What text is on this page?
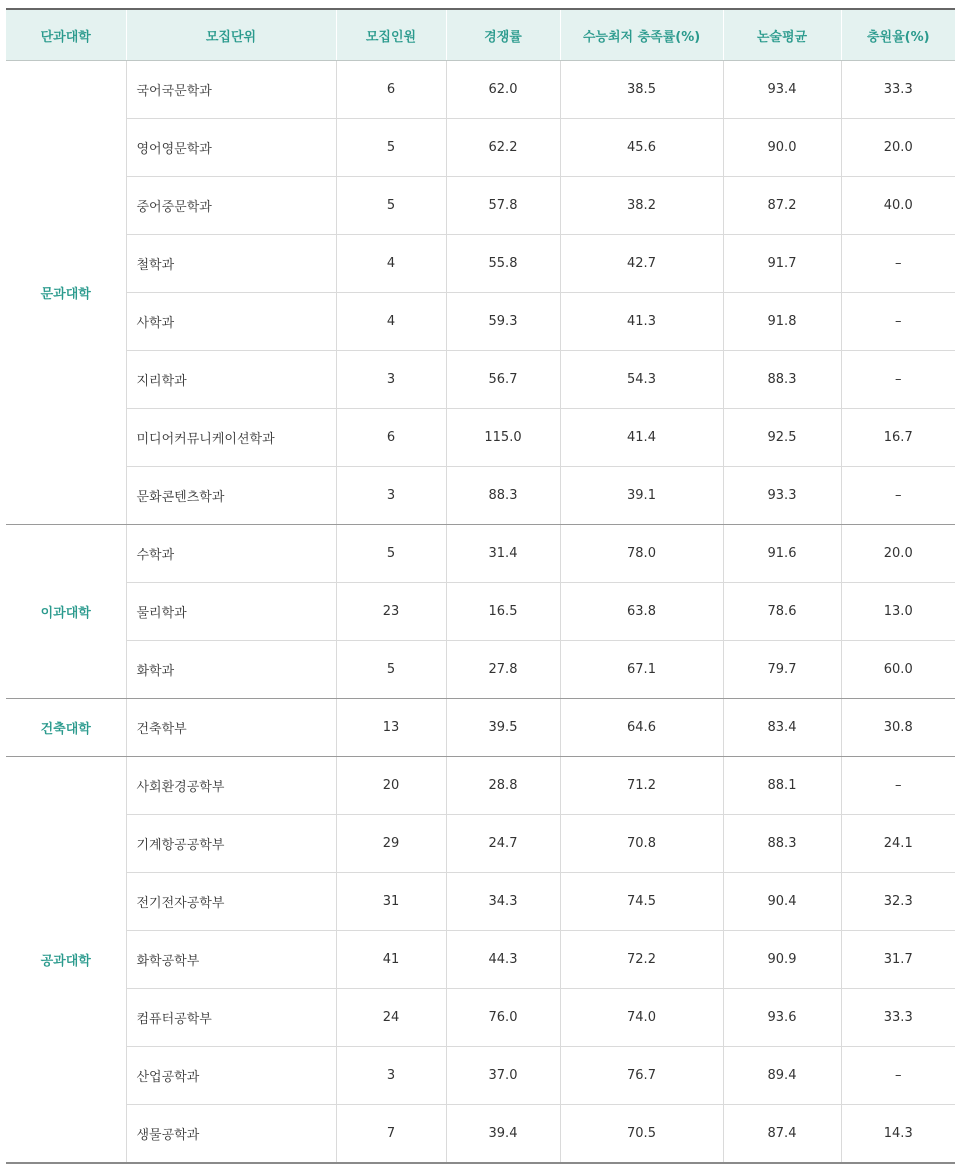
단과대학	모집단위	모집인원	경쟁률	수능최저 충족률(%)	논술평균	충원율(%)
문과대학	국어국문학과	6	62.0	38.5	93.4	33.3
	영어영문학과	5	62.2	45.6	90.0	20.0
	중어중문학과	5	57.8	38.2	87.2	40.0
	철학과	4	55.8	42.7	91.7	–
	사학과	4	59.3	41.3	91.8	–
	지리학과	3	56.7	54.3	88.3	–
	미디어커뮤니케이션학과	6	115.0	41.4	92.5	16.7
	문화콘텐츠학과	3	88.3	39.1	93.3	–
이과대학	수학과	5	31.4	78.0	91.6	20.0
	물리학과	23	16.5	63.8	78.6	13.0
	화학과	5	27.8	67.1	79.7	60.0
건축대학	건축학부	13	39.5	64.6	83.4	30.8
공과대학	사회환경공학부	20	28.8	71.2	88.1	–
	기계항공공학부	29	24.7	70.8	88.3	24.1
	전기전자공학부	31	34.3	74.5	90.4	32.3
	화학공학부	41	44.3	72.2	90.9	31.7
	컴퓨터공학부	24	76.0	74.0	93.6	33.3
	산업공학과	3	37.0	76.7	89.4	–
	생물공학과	7	39.4	70.5	87.4	14.3
